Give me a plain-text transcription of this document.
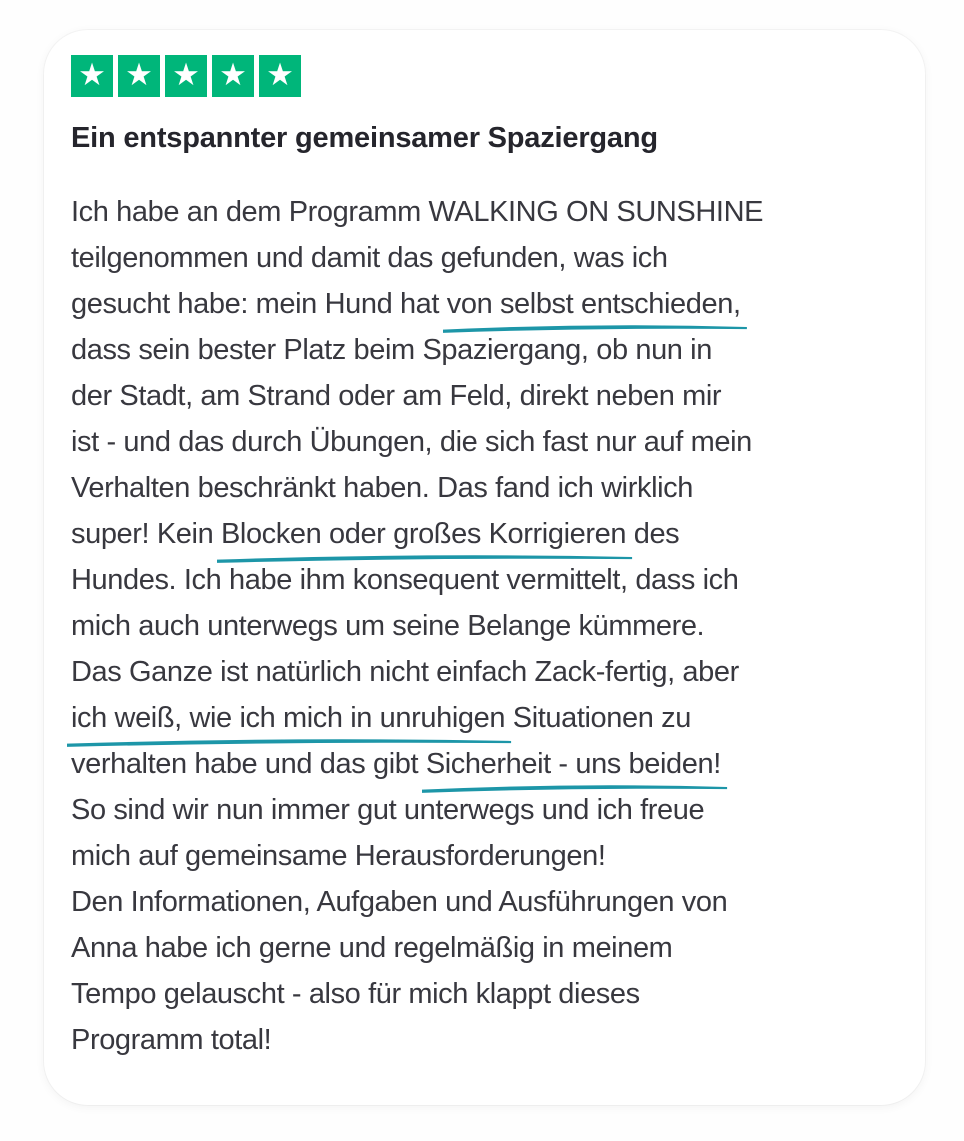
★ ★ ★ ★ ★
Ein entspannter gemeinsamer Spaziergang
Ich habe an dem Programm WALKING ON SUNSHINE
teilgenommen und damit das gefunden, was ich
gesucht habe: mein Hund hat von selbst entschieden,
dass sein bester Platz beim Spaziergang, ob nun in
der Stadt, am Strand oder am Feld, direkt neben mir
ist - und das durch Übungen, die sich fast nur auf mein
Verhalten beschränkt haben. Das fand ich wirklich
super! Kein Blocken oder großes Korrigieren
des
Hundes. Ich habe ihm konsequent vermittelt, dass ich
mich auch unterwegs um seine Belange kümmere.
Das Ganze ist natürlich nicht einfach Zack-fertig, aber
ich weiß, wie ich mich in unruhigen
Situationen zu
verhalten habe und das gibt Sicherheit - uns beiden!
So sind wir nun immer gut unterwegs und ich freue
mich auf gemeinsame Herausforderungen!
Den Informationen, Aufgaben und Ausführungen von
Anna habe ich gerne und regelmäßig in meinem
Tempo gelauscht - also für mich klappt dieses
Programm total!
